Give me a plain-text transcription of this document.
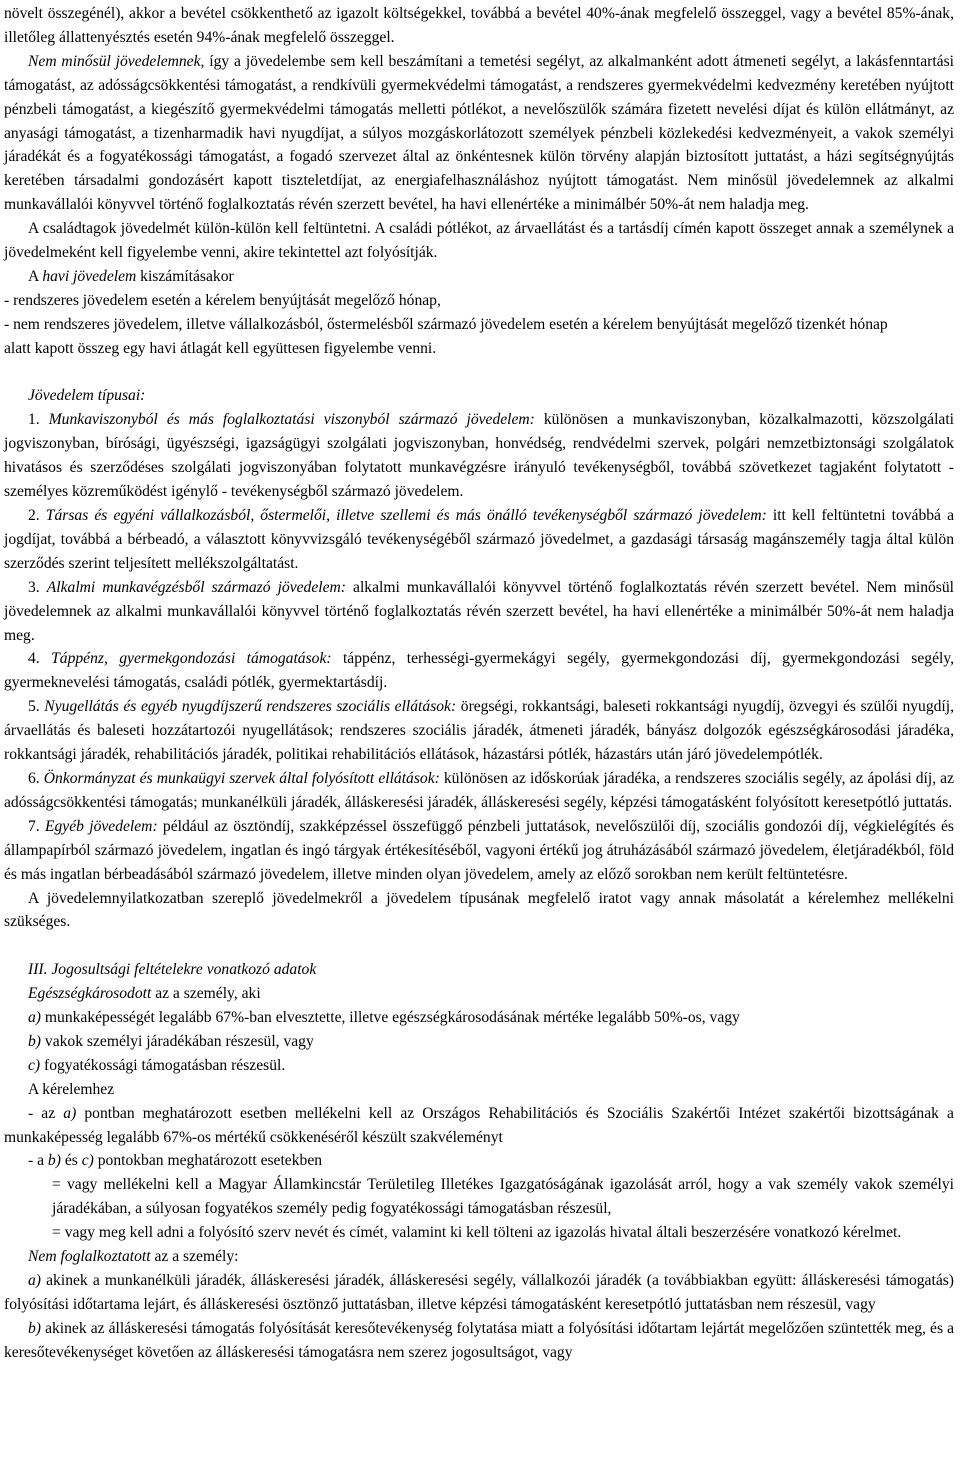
növelt összegénél), akkor a bevétel csökkenthető az igazolt költségekkel, továbbá a bevétel 40%-ának megfelelő összeggel, vagy a bevétel 85%-ának, illetőleg állattenyésztés esetén 94%-ának megfelelő összeggel.

Nem minősül jövedelemnek, így a jövedelembe sem kell beszámítani a temetési segélyt, az alkalmanként adott átmeneti segélyt, a lakásfenntartási támogatást, az adósságcsökkentési támogatást, a rendkívüli gyermekvédelmi támogatást, a rendszeres gyermekvédelmi kedvezmény keretében nyújtott pénzbeli támogatást, a kiegészítő gyermekvédelmi támogatás melletti pótlékot, a nevelőszülők számára fizetett nevelési díjat és külön ellátmányt, az anyasági támogatást, a tizenharmadik havi nyugdíjat, a súlyos mozgáskorlátozott személyek pénzbeli közlekedési kedvezményeit, a vakok személyi járadékát és a fogyatékossági támogatást, a fogadó szervezet által az önkéntesnek külön törvény alapján biztosított juttatást, a házi segítségnyújtás keretében társadalmi gondozásért kapott tiszteletdíjat, az energiafelhasználáshoz nyújtott támogatást. Nem minősül jövedelemnek az alkalmi munkavállalói könyvvel történő foglalkoztatás révén szerzett bevétel, ha havi ellenértéke a minimálbér 50%-át nem haladja meg.

A családtagok jövedelmét külön-külön kell feltüntetni. A családi pótlékot, az árvaellátást és a tartásdíj címén kapott összeget annak a személynek a jövedelmeként kell figyelembe venni, akire tekintettel azt folyósítják.

A havi jövedelem kiszámításakor

- rendszeres jövedelem esetén a kérelem benyújtását megelőző hónap,

- nem rendszeres jövedelem, illetve vállalkozásból, őstermelésből származó jövedelem esetén a kérelem benyújtását megelőző tizenkét hónap

alatt kapott összeg egy havi átlagát kell együttesen figyelembe venni.

Jövedelem típusai:

1. Munkaviszonyból és más foglalkoztatási viszonyból származó jövedelem: különösen a munkaviszonyban, közalkalmazotti, közszolgálati jogviszonyban, bírósági, ügyészségi, igazságügyi szolgálati jogviszonyban, honvédség, rendvédelmi szervek, polgári nemzetbiztonsági szolgálatok hivatásos és szerződéses szolgálati jogviszonyában folytatott munkavégzésre irányuló tevékenységből, továbbá szövetkezet tagjaként folytatott - személyes közreműködést igénylő - tevékenységből származó jövedelem.

2. Társas és egyéni vállalkozásból, őstermelői, illetve szellemi és más önálló tevékenységből származó jövedelem: itt kell feltüntetni továbbá a jogdíjat, továbbá a bérbeadó, a választott könyvvizsgáló tevékenységéből származó jövedelmet, a gazdasági társaság magánszemély tagja által külön szerződés szerint teljesített mellékszolgáltatást.

3. Alkalmi munkavégzésből származó jövedelem: alkalmi munkavállalói könyvvel történő foglalkoztatás révén szerzett bevétel. Nem minősül jövedelemnek az alkalmi munkavállalói könyvvel történő foglalkoztatás révén szerzett bevétel, ha havi ellenértéke a minimálbér 50%-át nem haladja meg.

4. Táppénz, gyermekgondozási támogatások: táppénz, terhességi-gyermekágyi segély, gyermekgondozási díj, gyermekgondozási segély, gyermeknevelési támogatás, családi pótlék, gyermektartásdíj.

5. Nyugellátás és egyéb nyugdíjszerű rendszeres szociális ellátások: öregségi, rokkantsági, baleseti rokkantsági nyugdíj, özvegyi és szülői nyugdíj, árvaellátás és baleseti hozzátartozói nyugellátások; rendszeres szociális járadék, átmeneti járadék, bányász dolgozók egészségkárosodási járadéka, rokkantsági járadék, rehabilitációs járadék, politikai rehabilitációs ellátások, házastársi pótlék, házastárs után járó jövedelempótlék.

6. Önkormányzat és munkaügyi szervek által folyósított ellátások: különösen az időskorúak járadéka, a rendszeres szociális segély, az ápolási díj, az adósságcsökkentési támogatás; munkanélküli járadék, álláskeresési járadék, álláskeresési segély, képzési támogatásként folyósított keresetpótló juttatás.

7. Egyéb jövedelem: például az ösztöndíj, szakképzéssel összefüggő pénzbeli juttatások, nevelőszülői díj, szociális gondozói díj, végkielégítés és állampapírból származó jövedelem, ingatlan és ingó tárgyak értékesítéséből, vagyoni értékű jog átruházásából származó jövedelem, életjáradékból, föld és más ingatlan bérbeadásából származó jövedelem, illetve minden olyan jövedelem, amely az előző sorokban nem került feltüntetésre.

A jövedelemnyilatkozatban szereplő jövedelmekről a jövedelem típusának megfelelő iratot vagy annak másolatát a kérelemhez mellékelni szükséges.

III. Jogosultsági feltételekre vonatkozó adatok

Egészségkárosodott az a személy, aki

a) munkaképességét legalább 67%-ban elvesztette, illetve egészségkárosodásának mértéke legalább 50%-os, vagy

b) vakok személyi járadékában részesül, vagy

c) fogyatékossági támogatásban részesül.

A kérelemhez

- az a) pontban meghatározott esetben mellékelni kell az Országos Rehabilitációs és Szociális Szakértői Intézet szakértői bizottságának a munkaképesség legalább 67%-os mértékű csökkenéséről készült szakvéleményt

- a b) és c) pontokban meghatározott esetekben

= vagy mellékelni kell a Magyar Államkincstár Területileg Illetékes Igazgatóságának igazolását arról, hogy a vak személy vakok személyi járadékában, a súlyosan fogyatékos személy pedig fogyatékossági támogatásban részesül,

= vagy meg kell adni a folyósító szerv nevét és címét, valamint ki kell tölteni az igazolás hivatal általi beszerzésére vonatkozó kérelmet.

Nem foglalkoztatott az a személy:

a) akinek a munkanélküli járadék, álláskeresési járadék, álláskeresési segély, vállalkozói járadék (a továbbiakban együtt: álláskeresési támogatás) folyósítási időtartama lejárt, és álláskeresési ösztönző juttatásban, illetve képzési támogatásként keresetpótló juttatásban nem részesül, vagy

b) akinek az álláskeresési támogatás folyósítását keresőtevékenység folytatása miatt a folyósítási időtartam lejártát megelőzően szüntették meg, és a keresőtevékenységet követően az álláskeresési támogatásra nem szerez jogosultságot, vagy
